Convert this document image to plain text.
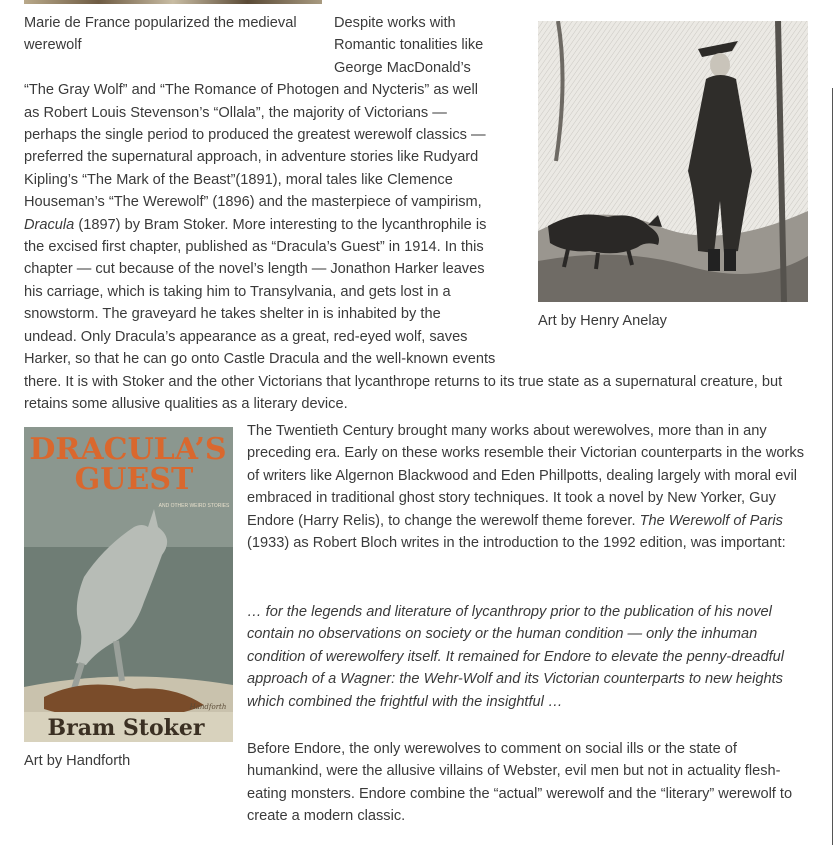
Art by Henry Anelay
Marie de France popularized the medieval werewolf
Despite works with Romantic tonalities like George MacDonald’s “The Gray Wolf” and “The Romance of Photogen and Nycteris” as well as Robert Louis Stevenson’s “Ollala”, the majority of Victorians — perhaps the single period to produced the greatest werewolf classics — preferred the supernatural approach, in adventure stories like Rudyard Kipling’s “The Mark of the Beast”(1891), moral tales like Clemence Houseman’s “The Werewolf” (1896) and the masterpiece of vampirism, Dracula (1897) by Bram Stoker. More interesting to the lycanthrophile is the excised first chapter, published as “Dracula’s Guest” in 1914. In this chapter — cut because of the novel’s length — Jonathon Harker leaves his carriage, which is taking him to Transylvania, and gets lost in a snowstorm. The graveyard he takes shelter in is inhabited by the undead. Only Dracula’s appearance as a great, red-eyed wolf, saves Harker, so that he can go onto Castle Dracula and the well-known events there. It is with Stoker and the other Victorians that lycanthrope returns to its true state as a supernatural creature, but retains some allusive qualities as a literary device.
DRACULA’S
GUEST
AND OTHER WEIRD STORIES
Bram Stoker
Handforth
The Twentieth Century brought many works about werewolves, more than in any preceding era. Early on these works resemble their Victorian counterparts in the works of writers like Algernon Blackwood and Eden Phillpotts, dealing largely with moral evil embraced in traditional ghost story techniques. It took a novel by New Yorker, Guy Endore (Harry Relis), to change the werewolf theme forever. The Werewolf of Paris (1933) as Robert Bloch writes in the introduction to the 1992 edition, was important:
… for the legends and literature of lycanthropy prior to the publication of his novel contain no observations on society or the human condition — only the inhuman condition of werewolfery itself. It remained for Endore to elevate the penny-dreadful approach of a Wagner: the Wehr-Wolf and its Victorian counterparts to new heights which combined the frightful with the insightful …
Art by Handforth
Before Endore, the only werewolves to comment on social ills or the state of humankind, were the allusive villains of Webster, evil men but not in actuality flesh-eating monsters. Endore combine the “actual” werewolf and the “literary” werewolf to create a modern classic.
